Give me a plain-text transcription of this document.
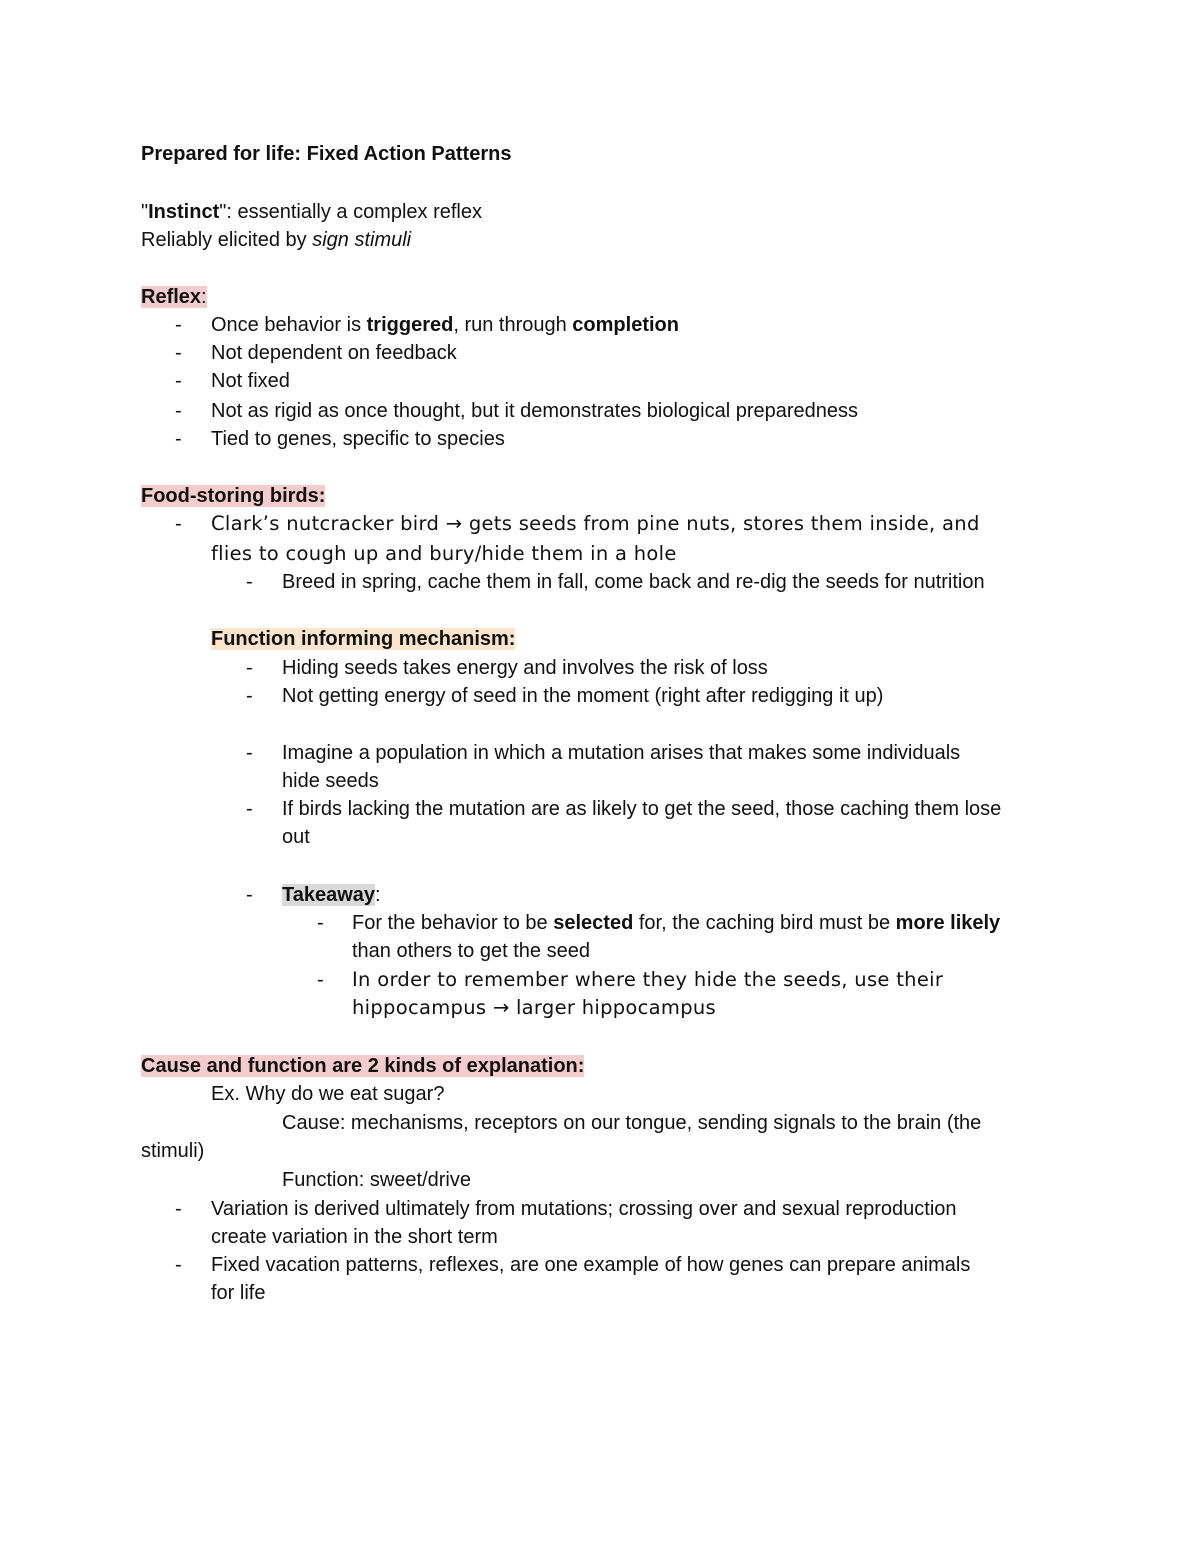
Prepared for life: Fixed Action Patterns
"Instinct": essentially a complex reflex
Reliably elicited by sign stimuli
Reflex:
- Once behavior is triggered, run through completion
- Not dependent on feedback
- Not fixed
- Not as rigid as once thought, but it demonstrates biological preparedness
- Tied to genes, specific to species
Food-storing birds:
- Clark’s nutcracker bird → gets seeds from pine nuts, stores them inside, and
flies to cough up and bury/hide them in a hole
- Breed in spring, cache them in fall, come back and re-dig the seeds for nutrition
Function informing mechanism:
- Hiding seeds takes energy and involves the risk of loss
- Not getting energy of seed in the moment (right after redigging it up)
- Imagine a population in which a mutation arises that makes some individuals
hide seeds
- If birds lacking the mutation are as likely to get the seed, those caching them lose
out
- Takeaway:
- For the behavior to be selected for, the caching bird must be more likely
than others to get the seed
- In order to remember where they hide the seeds, use their
hippocampus → larger hippocampus
Cause and function are 2 kinds of explanation:
Ex. Why do we eat sugar?
Cause: mechanisms, receptors on our tongue, sending signals to the brain (the
stimuli)
Function: sweet/drive
- Variation is derived ultimately from mutations; crossing over and sexual reproduction
create variation in the short term
- Fixed vacation patterns, reflexes, are one example of how genes can prepare animals
for life
